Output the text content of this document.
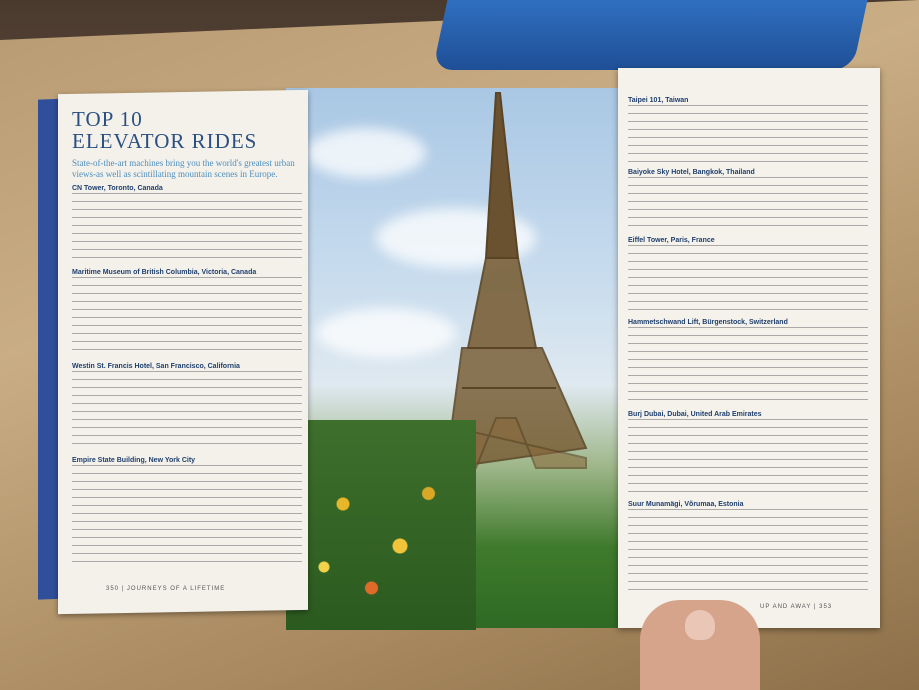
TOP 10
ELEVATOR RIDES
State-of-the-art machines bring you the world's greatest urban views-as well as scintillating mountain scenes in Europe.
CN Tower, Toronto, Canada
Maritime Museum of British Columbia, Victoria, Canada
Westin St. Francis Hotel, San Francisco, California
Empire State Building, New York City
350 | JOURNEYS OF A LIFETIME
Taipei 101, Taiwan
Baiyoke Sky Hotel, Bangkok, Thailand
Eiffel Tower, Paris, France
Hammetschwand Lift, Bürgenstock, Switzerland
Burj Dubai, Dubai, United Arab Emirates
Suur Munamägi, Võrumaa, Estonia
UP AND AWAY | 353
